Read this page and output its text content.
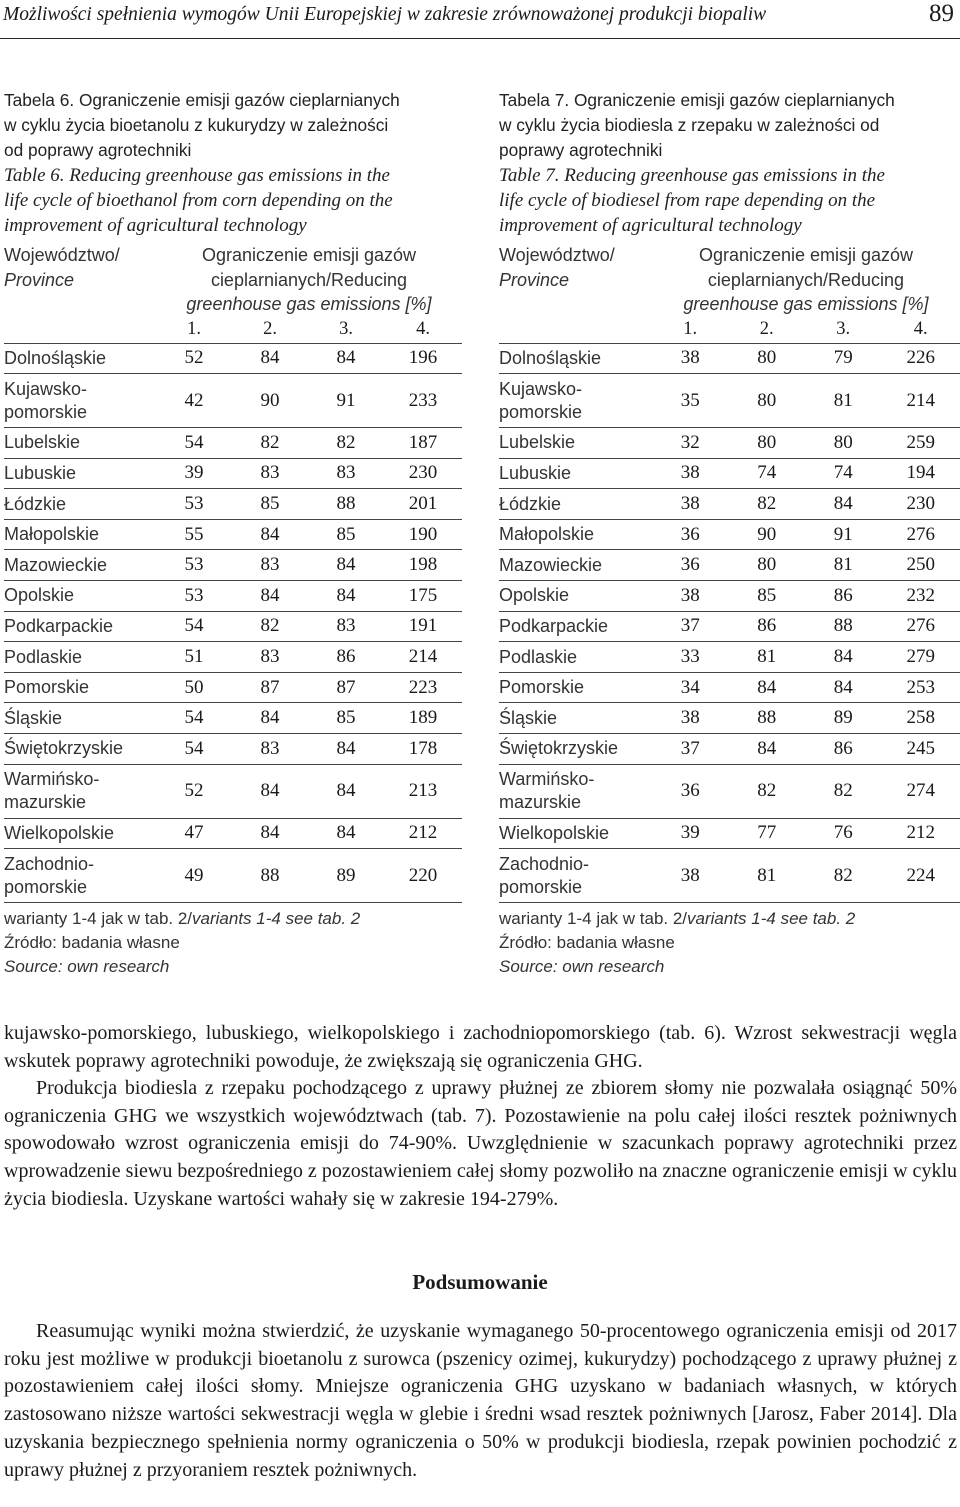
Możliwości spełnienia wymogów Unii Europejskiej w zakresie zrównoważonej produkcji biopaliw	89
Tabela 6. Ograniczenie emisji gazów cieplarnianych
w cyklu życia bioetanolu z kukurydzy w zależności
od poprawy agrotechniki
Table 6. Reducing greenhouse gas emissions in the
life cycle of bioethanol from corn depending on the
improvement of agricultural technology
Województwo/
Province	Ograniczenie emisji gazów
cieplarnianych/Reducing
greenhouse gas emissions [%]			

	1.	2.	3.	4.
Dolnośląskie	52	84	84	196

Kujawsko-
pomorskie	42	90	91	233
Lubelskie	54	82	82	187
Lubuskie	39	83	83	230
Łódzkie	53	85	88	201
Małopolskie	55	84	85	190
Mazowieckie	53	83	84	198
Opolskie	53	84	84	175
Podkarpackie	54	82	83	191
Podlaskie	51	83	86	214
Pomorskie	50	87	87	223
Śląskie	54	84	85	189
Świętokrzyskie	54	83	84	178

Warmińsko-
mazurskie	52	84	84	213
Wielkopolskie	47	84	84	212

Zachodnio-
pomorskie	49	88	89	220
warianty 1-4 jak w tab. 2/variants 1-4 see tab. 2
Źródło: badania własne
Source: own research
Tabela 7. Ograniczenie emisji gazów cieplarnianych
w cyklu życia biodiesla z rzepaku w zależności od
poprawy agrotechniki
Table 7. Reducing greenhouse gas emissions in the
life cycle of biodiesel from rape depending on the
improvement of agricultural technology
Województwo/
Province	Ograniczenie emisji gazów
cieplarnianych/Reducing
greenhouse gas emissions [%]			

	1.	2.	3.	4.
Dolnośląskie	38	80	79	226

Kujawsko-
pomorskie	35	80	81	214
Lubelskie	32	80	80	259
Lubuskie	38	74	74	194
Łódzkie	38	82	84	230
Małopolskie	36	90	91	276
Mazowieckie	36	80	81	250
Opolskie	38	85	86	232
Podkarpackie	37	86	88	276
Podlaskie	33	81	84	279
Pomorskie	34	84	84	253
Śląskie	38	88	89	258
Świętokrzyskie	37	84	86	245

Warmińsko-
mazurskie	36	82	82	274
Wielkopolskie	39	77	76	212

Zachodnio-
pomorskie	38	81	82	224
warianty 1-4 jak w tab. 2/variants 1-4 see tab. 2
Źródło: badania własne
Source: own research
kujawsko-pomorskiego, lubuskiego, wielkopolskiego i zachodniopomorskiego (tab. 6). Wzrost sekwestracji węgla wskutek poprawy agrotechniki powoduje, że zwiększają się ograniczenia GHG.
Produkcja biodiesla z rzepaku pochodzącego z uprawy płużnej ze zbiorem słomy nie pozwalała osiągnąć 50% ograniczenia GHG we wszystkich województwach (tab. 7). Pozostawienie na polu całej ilości resztek pożniwnych spowodowało wzrost ograniczenia emisji do 74-90%. Uwzględnienie w szacunkach poprawy agrotechniki przez wprowadzenie siewu bezpośredniego z pozostawieniem całej słomy pozwoliło na znaczne ograniczenie emisji w cyklu życia biodiesla. Uzyskane wartości wahały się w zakresie 194-279%.
Podsumowanie
Reasumując wyniki można stwierdzić, że uzyskanie wymaganego 50-procentowego ograniczenia emisji od 2017 roku jest możliwe w produkcji bioetanolu z surowca (pszenicy ozimej, kukurydzy) pochodzącego z uprawy płużnej z pozostawieniem całej ilości słomy. Mniejsze ograniczenia GHG uzyskano w badaniach własnych, w których zastosowano niższe wartości sekwestracji węgla w glebie i średni wsad resztek pożniwnych [Jarosz, Faber 2014]. Dla uzyskania bezpiecznego spełnienia normy ograniczenia o 50% w produkcji biodiesla, rzepak powinien pochodzić z uprawy płużnej z przyoraniem resztek pożniwnych.
